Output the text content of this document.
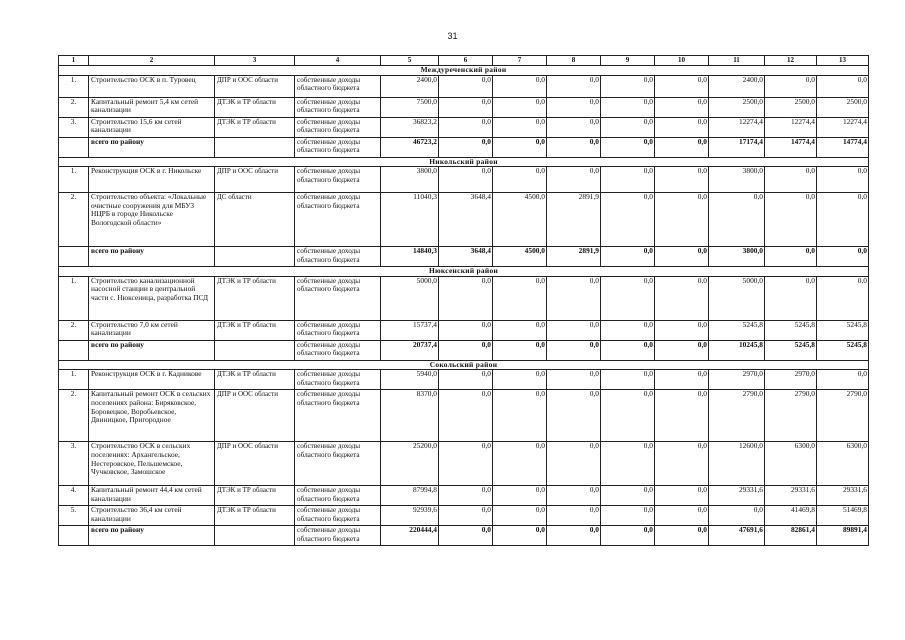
31
1	2	3	4	5	6	7	8	9	10	11	12	13
Междуреченский район												
1.	Строительство ОСК в п. Туровец	ДПР и ООС области	собственные доходы областного бюджета	2400,0	0,0	0,0	0,0	0,0	0,0	2400,0	0,0	0,0
2.	Капитальный ремонт 5,4 км сетей канализации	ДТЭК и ТР области	собственные доходы областного бюджета	7500,0	0,0	0,0	0,0	0,0	0,0	2500,0	2500,0	2500,0
3.	Строительство 15,6 км сетей канализации	ДТЭК и ТР области	собственные доходы областного бюджета	36823,2	0,0	0,0	0,0	0,0	0,0	12274,4	12274,4	12274,4
	всего по району		собственные доходы областного бюджета	46723,2	0,0	0,0	0,0	0,0	0,0	17174,4	14774,4	14774,4
Никольский район												
1.	Реконструкция ОСК в г. Никольске	ДПР и ООС области	собственные доходы областного бюджета	3800,0	0,0	0,0	0,0	0,0	0,0	3800,0	0,0	0,0
2.	Строительство объекта: «Локальные очистные сооружения для МБУЗ НЦРБ в городе Никольске Вологодской области»	ДС области	собственные доходы областного бюджета	11040,3	3648,4	4500,0	2891,9	0,0	0,0	0,0	0,0	0,0
	всего по району		собственные доходы областного бюджета	14840,3	3648,4	4500,0	2891,9	0,0	0,0	3800,0	0,0	0,0
Нюксенский район												
1.	Строительство канализационной насосной станции в центральной части с. Нюксеница, разработка ПСД	ДТЭК и ТР области	собственные доходы областного бюджета	5000,0	0,0	0,0	0,0	0,0	0,0	5000,0	0,0	0,0
2.	Строительство 7,0 км сетей канализации	ДТЭК и ТР области	собственные доходы областного бюджета	15737,4	0,0	0,0	0,0	0,0	0,0	5245,8	5245,8	5245,8
	всего по району		собственные доходы областного бюджета	20737,4	0,0	0,0	0,0	0,0	0,0	10245,8	5245,8	5245,8
Сокольский район												
1.	Реконструкция ОСК в г. Кадникове	ДТЭК и ТР области	собственные доходы областного бюджета	5940,0	0,0	0,0	0,0	0,0	0,0	2970,0	2970,0	0,0
2.	Капитальный ремонт ОСК в сельских поселениях района: Биряковское, Боровецкое, Воробьевское, Двиницкое, Пригородное	ДПР и ООС области	собственные доходы областного бюджета	8370,0	0,0	0,0	0,0	0,0	0,0	2790,0	2790,0	2790,0
3.	Строительство ОСК в сельских поселениях: Архангельское, Нестеровское, Пельшемское, Чучковское, Замошское	ДПР и ООС области	собственные доходы областного бюджета	25200,0	0,0	0,0	0,0	0,0	0,0	12600,0	6300,0	6300,0
4.	Капитальный ремонт 44,4 км сетей канализации	ДТЭК и ТР области	собственные доходы областного бюджета	87994,8	0,0	0,0	0,0	0,0	0,0	29331,6	29331,6	29331,6
5.	Строительство 36,4 км сетей канализации	ДТЭК и ТР области	собственные доходы областного бюджета	92939,6	0,0	0,0	0,0	0,0	0,0	0,0	41469,8	51469,8
	всего по району		собственные доходы областного бюджета	220444,4	0,0	0,0	0,0	0,0	0,0	47691,6	82861,4	89891,4
